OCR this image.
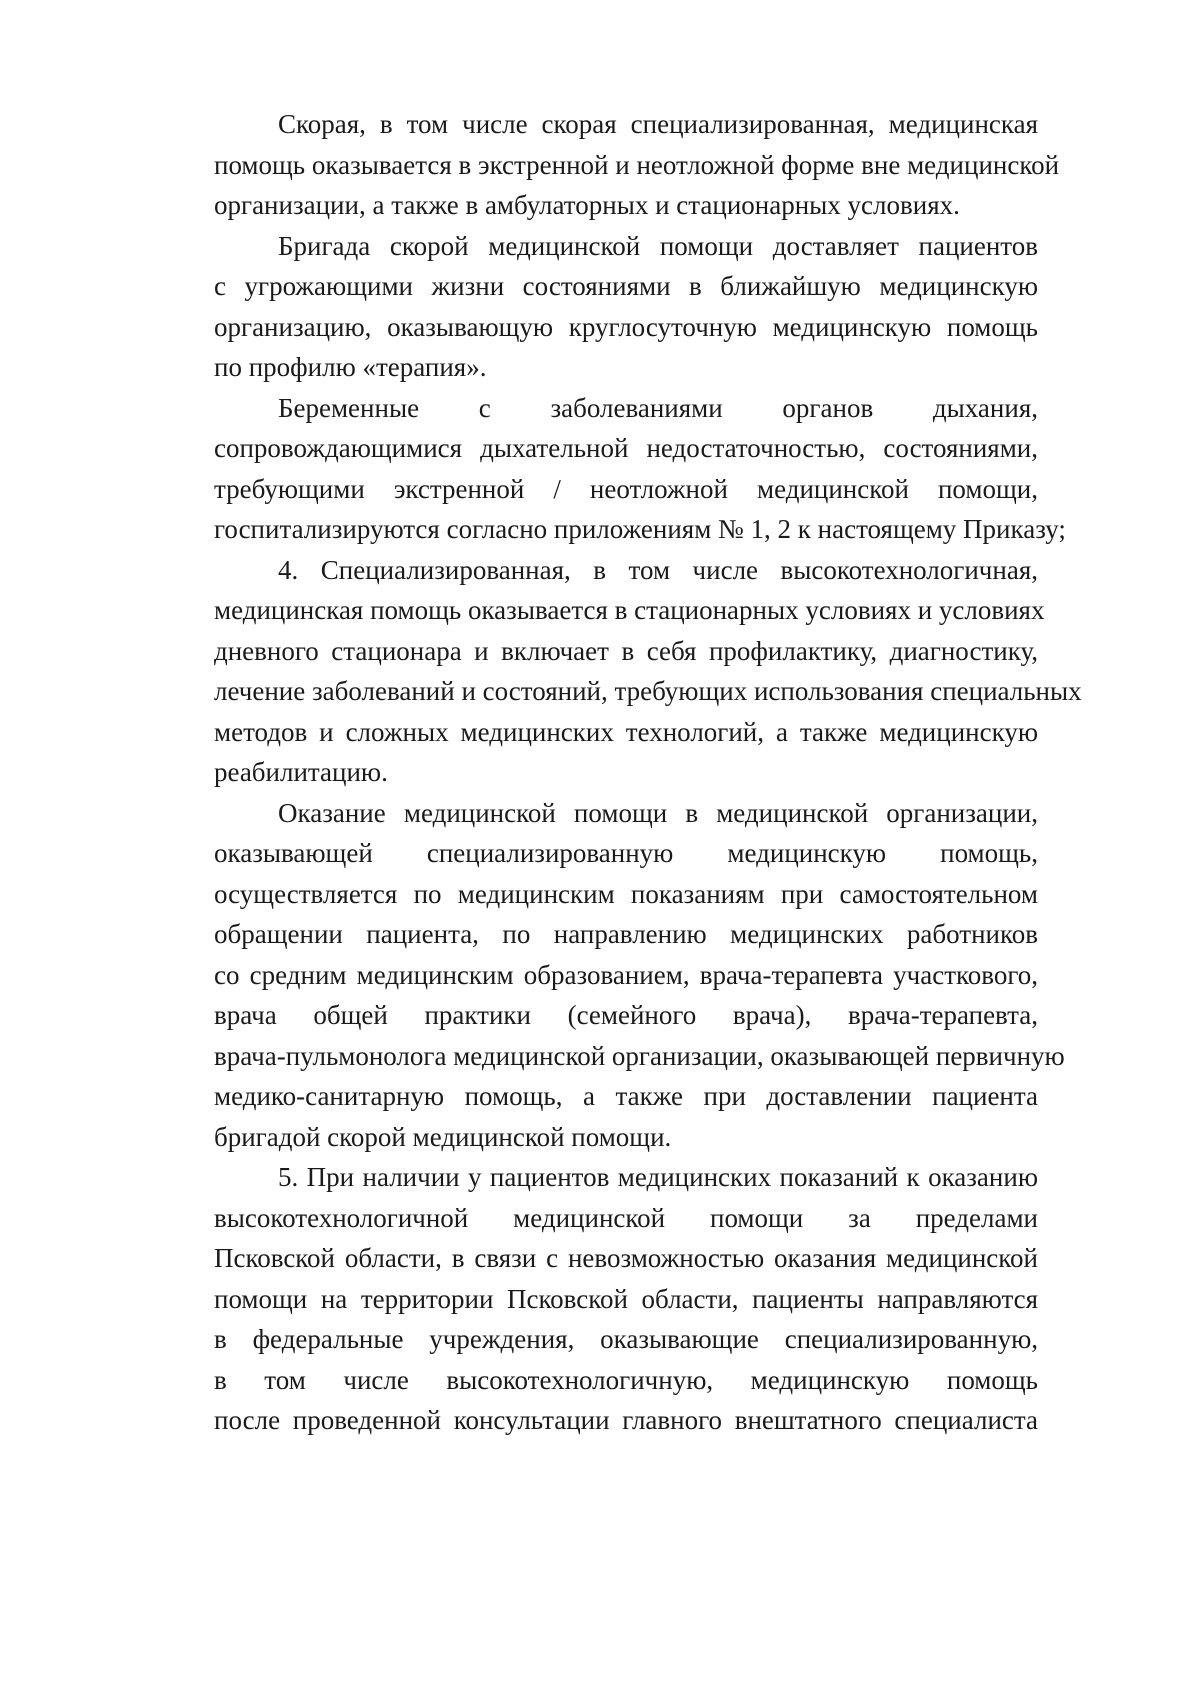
Скорая, в том числе скорая специализированная, медицинская
помощь оказывается в экстренной и неотложной форме вне медицинской
организации, а также в амбулаторных и стационарных условиях.
Бригада скорой медицинской помощи доставляет пациентов
с угрожающими жизни состояниями в ближайшую медицинскую
организацию, оказывающую круглосуточную медицинскую помощь
по профилю «терапия».
Беременные с заболеваниями органов дыхания,
сопровождающимися дыхательной недостаточностью, состояниями,
требующими экстренной / неотложной медицинской помощи,
госпитализируются согласно приложениям № 1, 2 к настоящему Приказу;
4. Специализированная, в том числе высокотехнологичная,
медицинская помощь оказывается в стационарных условиях и условиях
дневного стационара и включает в себя профилактику, диагностику,
лечение заболеваний и состояний, требующих использования специальных
методов и сложных медицинских технологий, а также медицинскую
реабилитацию.
Оказание медицинской помощи в медицинской организации,
оказывающей специализированную медицинскую помощь,
осуществляется по медицинским показаниям при самостоятельном
обращении пациента, по направлению медицинских работников
со средним медицинским образованием, врача-терапевта участкового,
врача общей практики (семейного врача), врача-терапевта,
врача-пульмонолога медицинской организации, оказывающей первичную
медико-санитарную помощь, а также при доставлении пациента
бригадой скорой медицинской помощи.
5. При наличии у пациентов медицинских показаний к оказанию
высокотехнологичной медицинской помощи за пределами
Псковской области, в связи с невозможностью оказания медицинской
помощи на территории Псковской области, пациенты направляются
в федеральные учреждения, оказывающие специализированную,
в том числе высокотехнологичную, медицинскую помощь
после проведенной консультации главного внештатного специалиста
